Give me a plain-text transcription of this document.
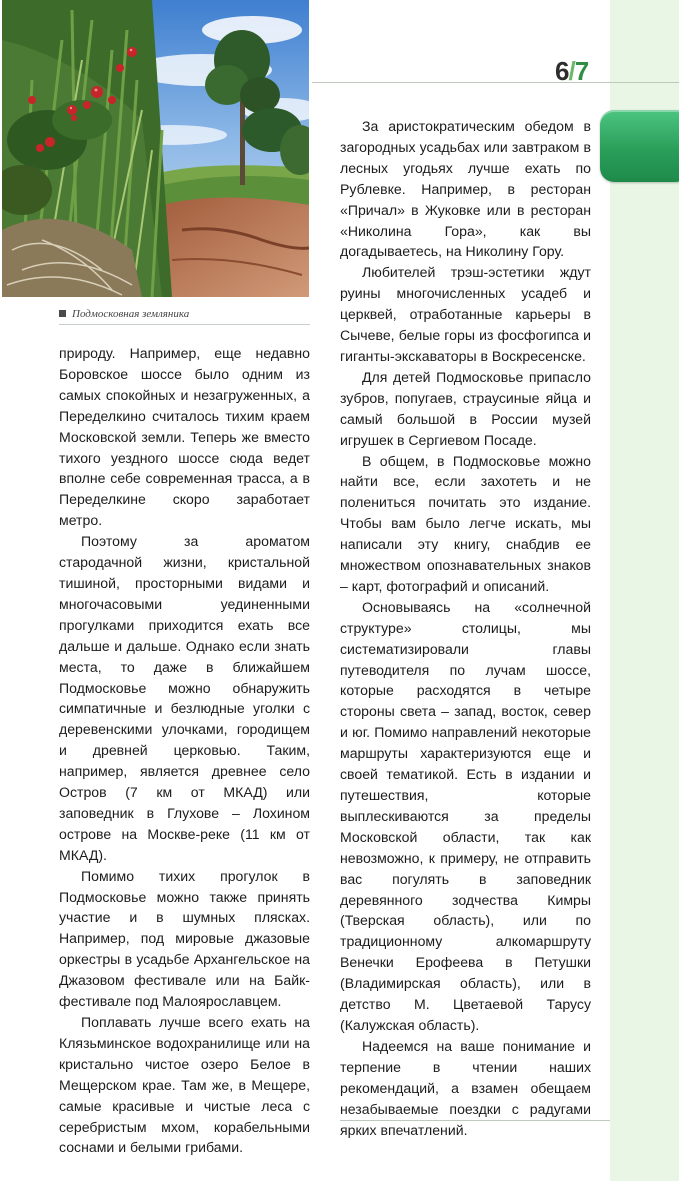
6/7
Подмосковная земляника

природу. Например, еще недавно Боровское шоссе было одним из самых спокойных и незагруженных, а Переделкино считалось тихим краем Московской земли. Теперь же вместо тихого уездного шоссе сюда ведет вполне себе современная трасса, а в Переделкине скоро заработает метро.

Поэтому за ароматом стародачной жизни, кристальной тишиной, просторными видами и многочасовыми уединенными прогулками приходится ехать все дальше и дальше. Однако если знать места, то даже в ближайшем Подмосковье можно обнаружить симпатичные и безлюдные уголки с деревенскими улочками, городищем и древней церковью. Таким, например, является древнее село Остров (7 км от МКАД) или заповедник в Глухове – Лохином острове на Москве-реке (11 км от МКАД).

Помимо тихих прогулок в Подмосковье можно также принять участие и в шумных плясках. Например, под мировые джазовые оркестры в усадьбе Архангельское на Джазовом фестивале или на Байк-фестивале под Малоярославцем.

Поплавать лучше всего ехать на Клязьминское водохранилище или на кристально чистое озеро Белое в Мещерском крае. Там же, в Мещере, самые красивые и чистые леса с серебристым мхом, корабельными соснами и белыми грибами.

За аристократическим обедом в загородных усадьбах или завтраком в лесных угодьях лучше ехать по Рублевке. Например, в ресторан «Причал» в Жуковке или в ресторан «Николина Гора», как вы догадываетесь, на Николину Гору.

Любителей трэш-эстетики ждут руины многочисленных усадеб и церквей, отработанные карьеры в Сычеве, белые горы из фосфогипса и гиганты-экскаваторы в Воскресенске.

Для детей Подмосковье припасло зубров, попугаев, страусиные яйца и самый большой в России музей игрушек в Сергиевом Посаде.

В общем, в Подмосковье можно найти все, если захотеть и не полениться почитать это издание. Чтобы вам было легче искать, мы написали эту книгу, снабдив ее множеством опознавательных знаков – карт, фотографий и описаний.

Основываясь на «солнечной структуре» столицы, мы систематизировали главы путеводителя по лучам шоссе, которые расходятся в четыре стороны света – запад, восток, север и юг. Помимо направлений некоторые маршруты характеризуются еще и своей тематикой. Есть в издании и путешествия, которые выплескиваются за пределы Московской области, так как невозможно, к примеру, не отправить вас погулять в заповедник деревянного зодчества Кимры (Тверская область), или по традиционному алкомаршруту Венечки Ерофеева в Петушки (Владимирская область), или в детство М. Цветаевой Тарусу (Калужская область).

Надеемся на ваше понимание и терпение в чтении наших рекомендаций, а взамен обещаем незабываемые поездки с радугами ярких впечатлений.
